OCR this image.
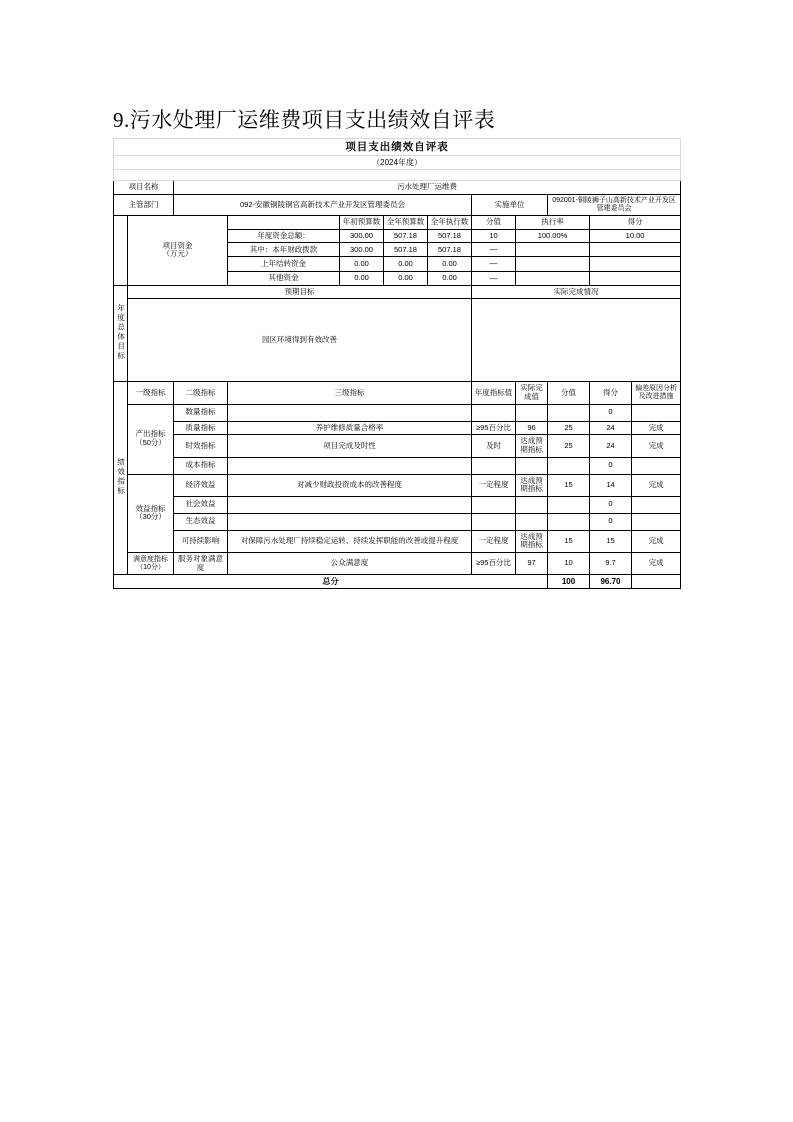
9.污水处理厂运维费项目支出绩效自评表
项目支出绩效自评表											
（2024年度）											

项目名称		污水处理厂运维费									
主管部门		092-安徽铜陵铜官高新技术产业开发区管理委员会					实施单位		092001-铜陵狮子山高新技术产业开发区管建委员会		
	项目资金
（万元）			年初预算数	全年预算数	全年执行数	分值	执行率		得分	
			年度资金总额：	300.00	507.18	507.18	10	100.00%		10.00	
			其中：本年财政拨款	300.00	507.18	507.18	—				
			上年结转资金	0.00	0.00	0.00	—				
			其他资金	0.00	0.00	0.00	—				
年度总体目标	预期目标						实际完成情况				
	园区环境得到有效改善										
绩效指标	一级指标	二级指标	三级指标				年度指标值	实际完成值	分值	得分	偏差原因分析及改进措施
	产出指标
（50分）	数量指标								0	
		质量指标	养护维修质量合格率				≥95百分比	96	25	24	完成
		时效指标	项目完成及时性				及时	达成预期指标	25	24	完成
		成本指标								0	
	效益指标
（30分）	经济效益	对减少财政投资成本的改善程度				一定程度	达成预期指标	15	14	完成
		社会效益								0	
		生态效益								0	
		可持续影响	对保障污水处理厂持续稳定运转、持续发挥职能的改善或提升程度				一定程度	达成预期指标	15	15	完成
	满意度指标（10分）	服务对象满意度	公众满意度				≥95百分比	97	10	9.7	完成
总分									100	96.70	
